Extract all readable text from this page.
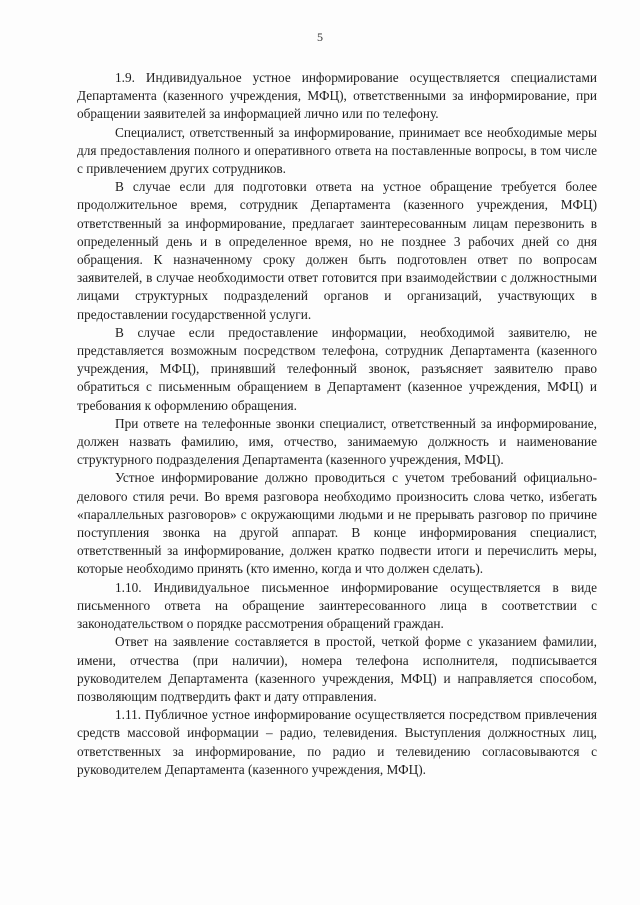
5

1.9. Индивидуальное устное информирование осуществляется специалистами Департамента (казенного учреждения, МФЦ), ответственными за информирование, при обращении заявителей за информацией лично или по телефону.

Специалист, ответственный за информирование, принимает все необходимые меры для предоставления полного и оперативного ответа на поставленные вопросы, в том числе с привлечением других сотрудников.

В случае если для подготовки ответа на устное обращение требуется более продолжительное время, сотрудник Департамента (казенного учреждения, МФЦ) ответственный за информирование, предлагает заинтересованным лицам перезвонить в определенный день и в определенное время, но не позднее 3 рабочих дней со дня обращения. К назначенному сроку должен быть подготовлен ответ по вопросам заявителей, в случае необходимости ответ готовится при взаимодействии с должностными лицами структурных подразделений органов и организаций, участвующих в предоставлении государственной услуги.

В случае если предоставление информации, необходимой заявителю, не представляется возможным посредством телефона, сотрудник Департамента (казенного учреждения, МФЦ), принявший телефонный звонок, разъясняет заявителю право обратиться с письменным обращением в Департамент (казенное учреждения, МФЦ) и требования к оформлению обращения.

При ответе на телефонные звонки специалист, ответственный за информирование, должен назвать фамилию, имя, отчество, занимаемую должность и наименование структурного подразделения Департамента (казенного учреждения, МФЦ).

Устное информирование должно проводиться с учетом требований официально-делового стиля речи. Во время разговора необходимо произносить слова четко, избегать «параллельных разговоров» с окружающими людьми и не прерывать разговор по причине поступления звонка на другой аппарат. В конце информирования специалист, ответственный за информирование, должен кратко подвести итоги и перечислить меры, которые необходимо принять (кто именно, когда и что должен сделать).

1.10. Индивидуальное письменное информирование осуществляется в виде письменного ответа на обращение заинтересованного лица в соответствии с законодательством о порядке рассмотрения обращений граждан.

Ответ на заявление составляется в простой, четкой форме с указанием фамилии, имени, отчества (при наличии), номера телефона исполнителя, подписывается руководителем Департамента (казенного учреждения, МФЦ) и направляется способом, позволяющим подтвердить факт и дату отправления.

1.11. Публичное устное информирование осуществляется посредством привлечения средств массовой информации – радио, телевидения. Выступления должностных лиц, ответственных за информирование, по радио и телевидению согласовываются с руководителем Департамента (казенного учреждения, МФЦ).
